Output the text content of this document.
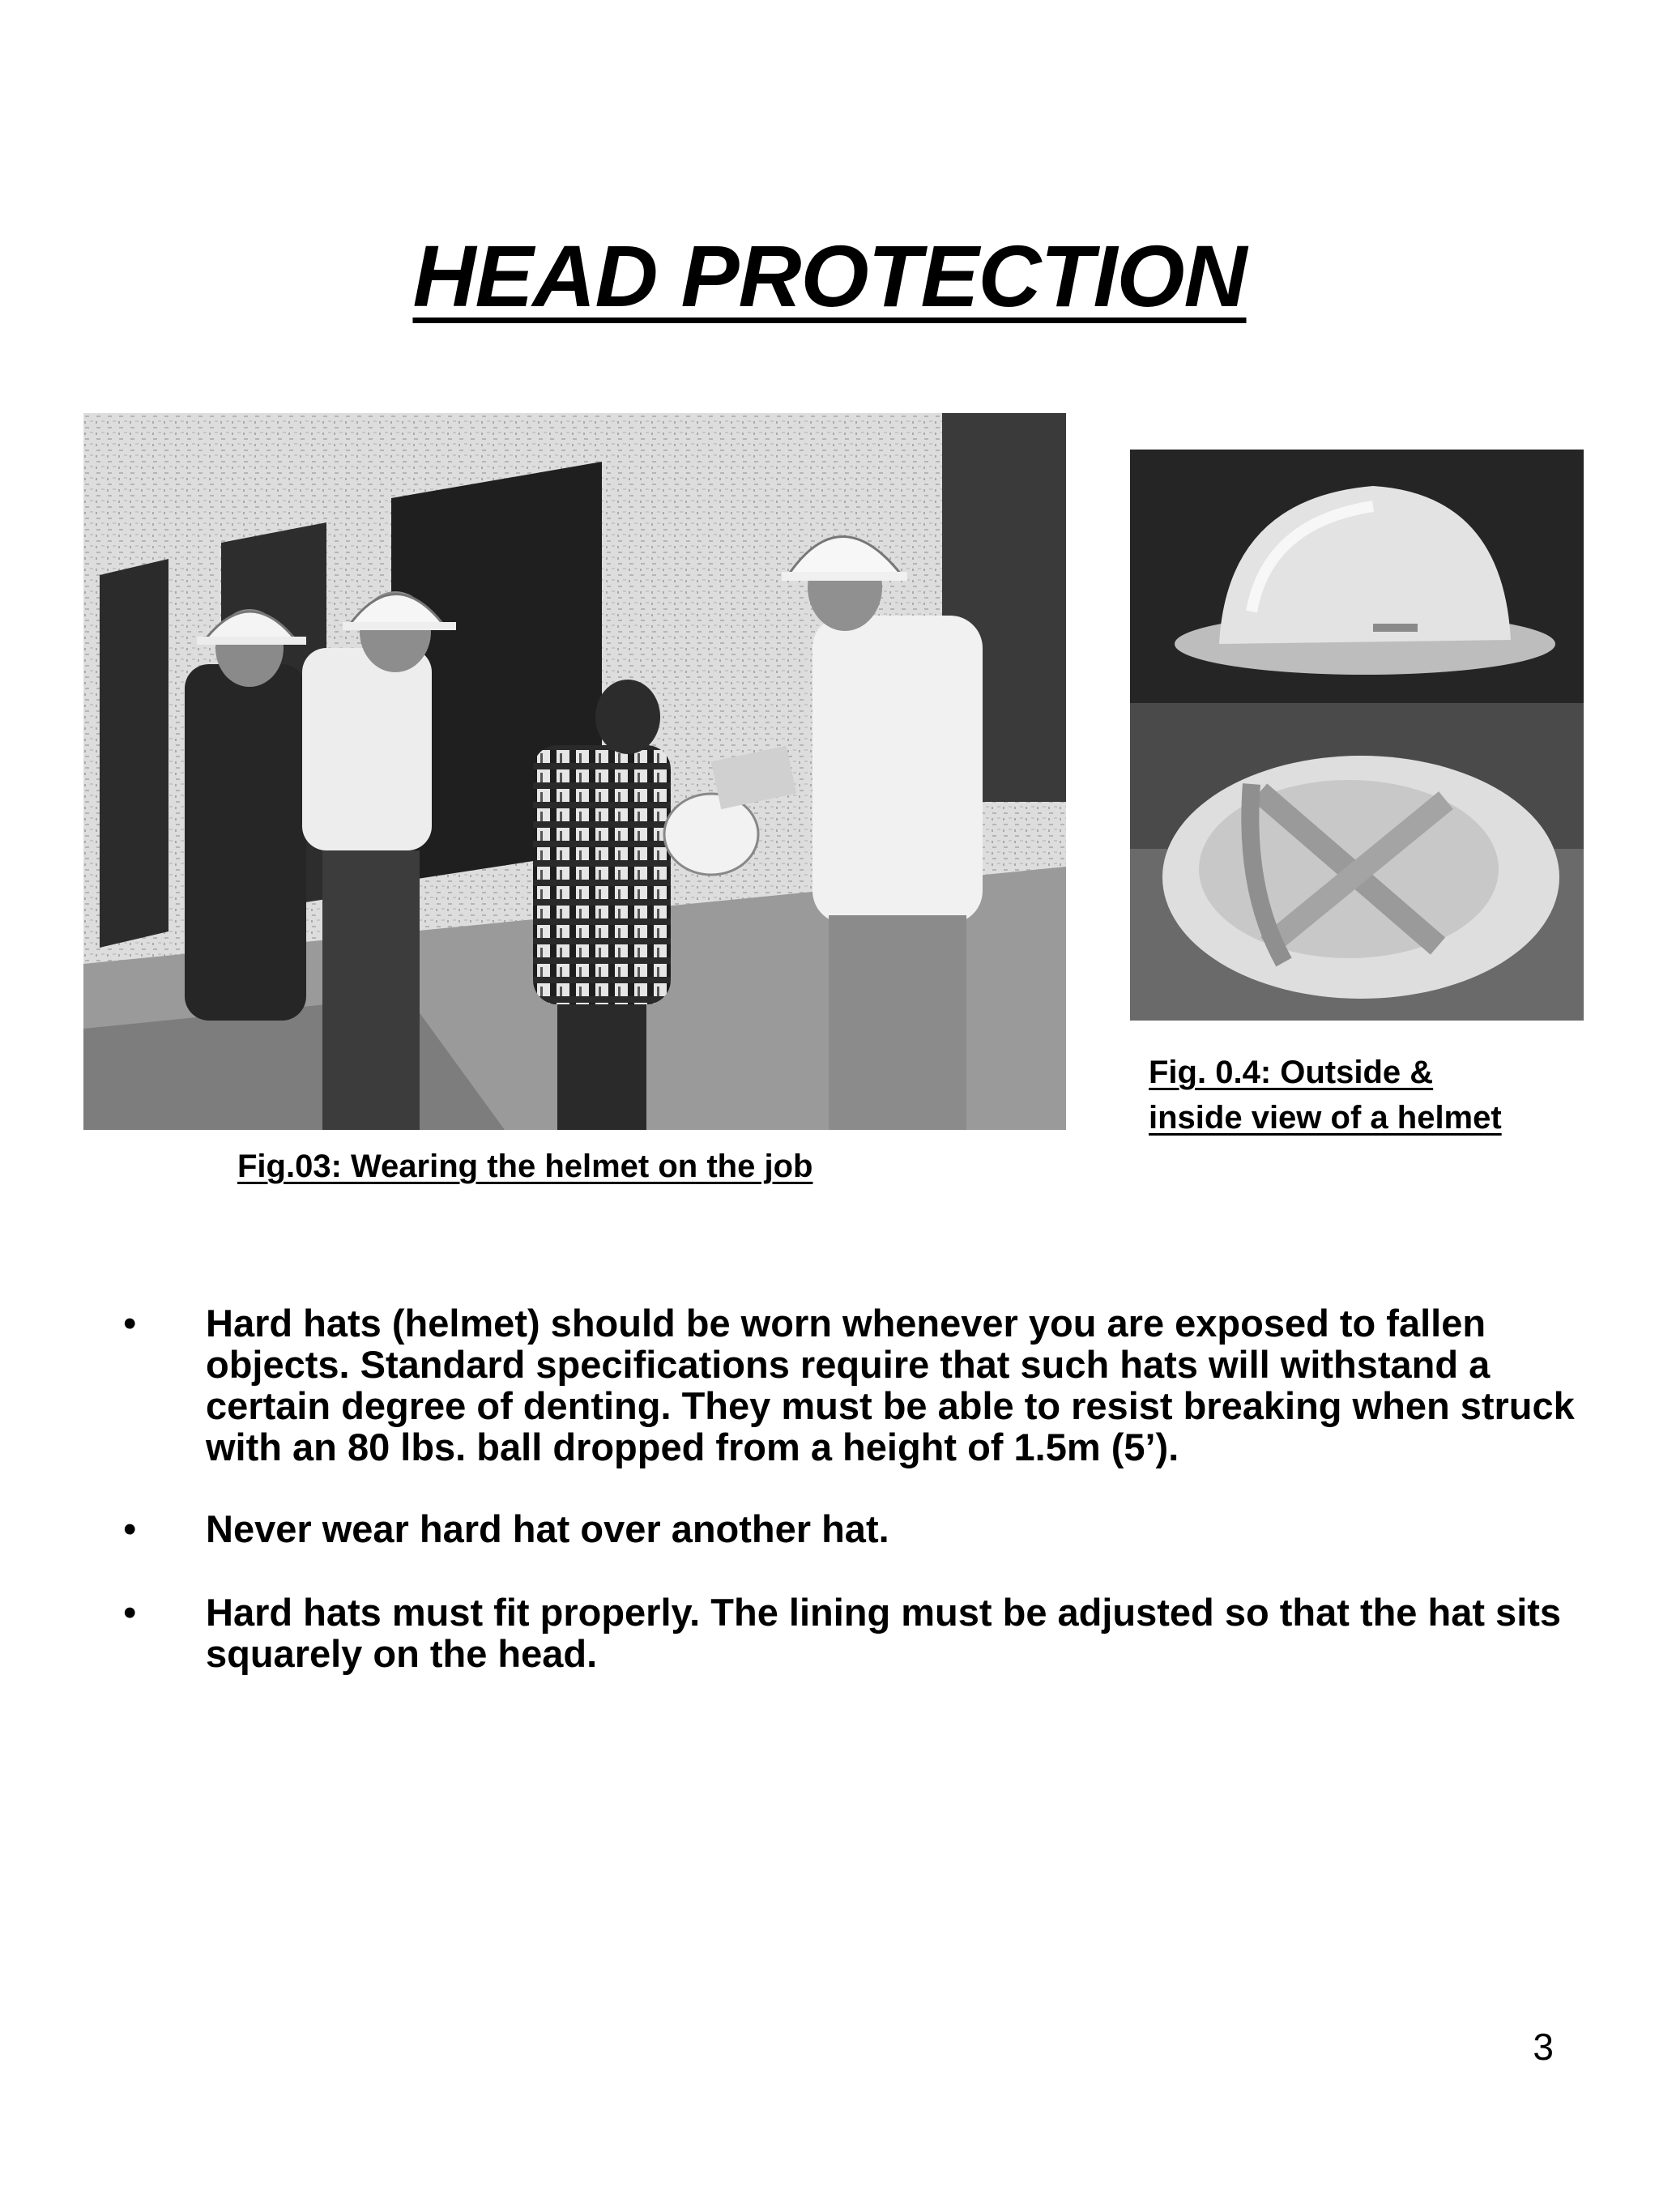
HEAD PROTECTION

Fig.03: Wearing the helmet on the job

Fig. 0.4: Outside &
inside view of a helmet

• Hard hats (helmet) should be worn whenever you are exposed to fallen objects. Standard specifications require that such hats will withstand a certain degree of denting. They must be able to resist breaking when struck with an 80 lbs. ball dropped from a height of 1.5m (5’).
• Never wear hard hat over another hat.
• Hard hats must fit properly. The lining must be adjusted so that the hat sits squarely on the head.

3
